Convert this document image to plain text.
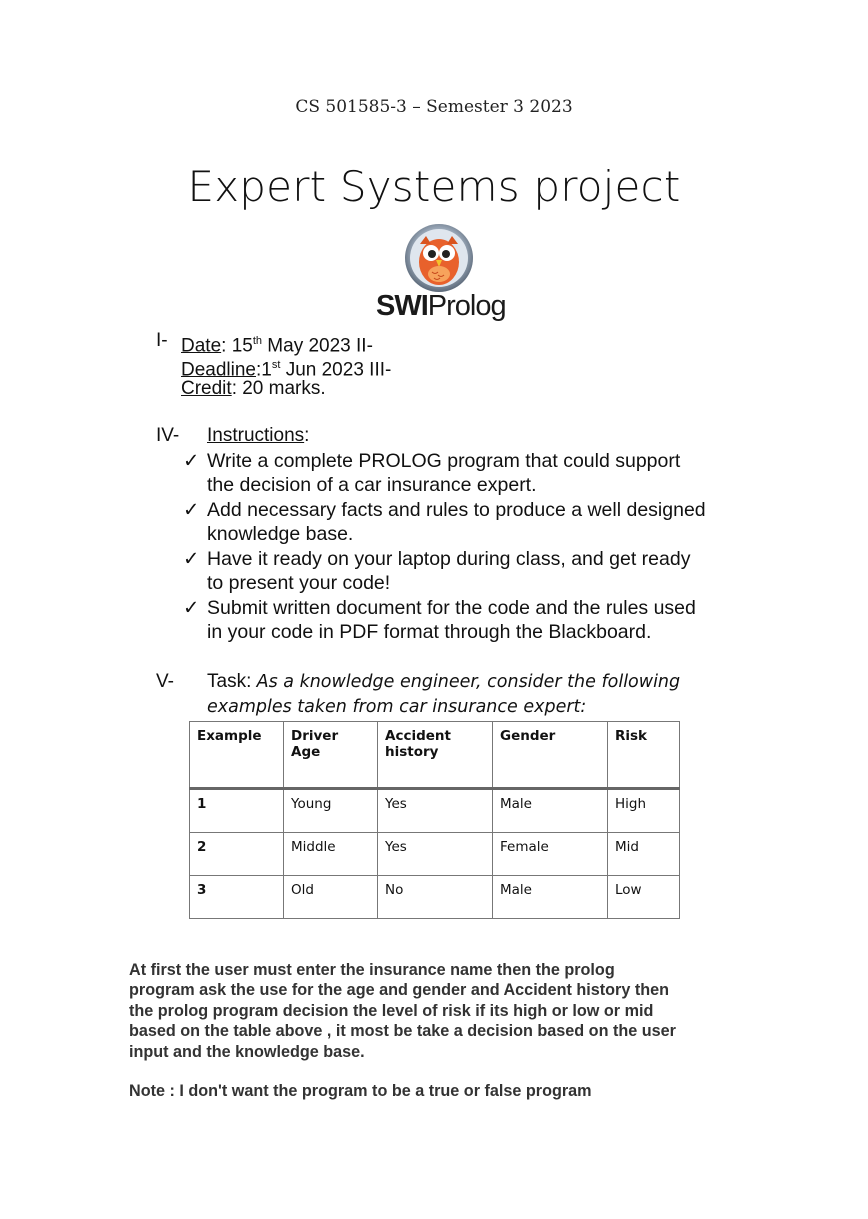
CS 501585-3 – Semester 3 2023
Expert Systems project
SWIProlog
I- Date: 15th May 2023 II-
Deadline:1st Jun 2023 III-
Credit: 20 marks.
IV- Instructions:
✓ Write a complete PROLOG program that could support
the decision of a car insurance expert.
✓ Add necessary facts and rules to produce a well designed
knowledge base.
✓ Have it ready on your laptop during class, and get ready
to present your code!
✓ Submit written document for the code and the rules used
in your code in PDF format through the Blackboard.
V- Task: As a knowledge engineer, consider the following
examples taken from car insurance expert:
Example	Driver Age	Accident history	Gender	Risk
1	Young	Yes	Male	High
2	Middle	Yes	Female	Mid
3	Old	No	Male	Low
At first the user must enter the insurance name then the prolog
program ask the use for the age and gender and Accident history then
the prolog program decision the level of risk if its high or low or mid
based on the table above , it most be take a decision based on the user
input and the knowledge base.
Note : I don't want the program to be a true or false program
